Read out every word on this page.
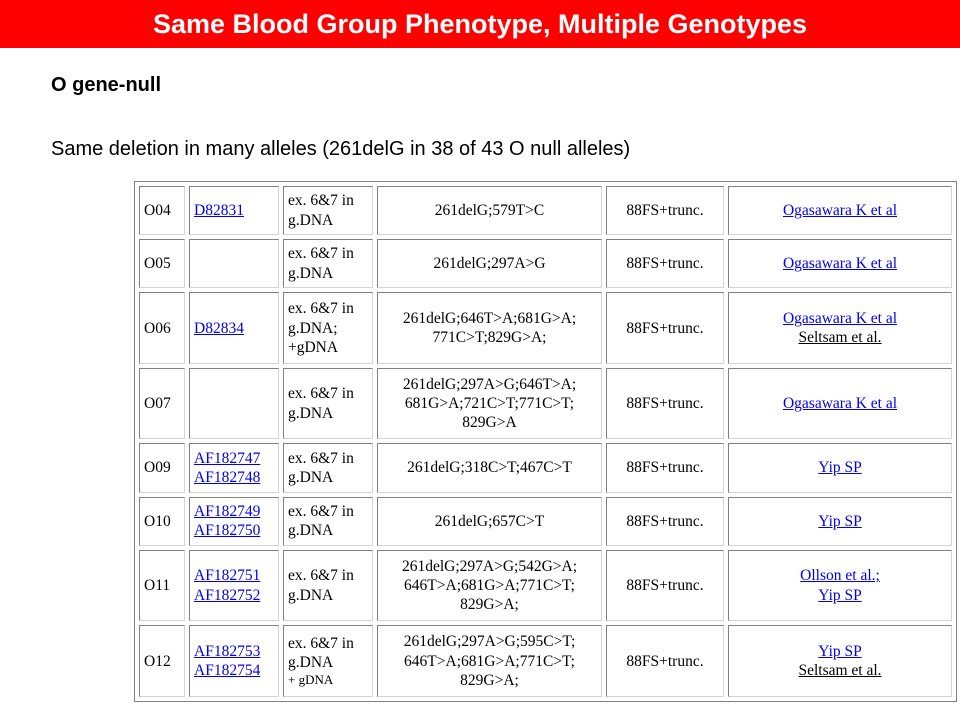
Same Blood Group Phenotype, Multiple Genotypes
O gene-null
Same deletion in many alleles (261delG in 38 of 43 O null alleles)
O04	D82831	ex. 6&7 in
g.DNA	261delG;579T>C	88FS+trunc.	Ogasawara K et al

O05		ex. 6&7 in
g.DNA	261delG;297A>G	88FS+trunc.	Ogasawara K et al

O06	D82834	ex. 6&7 in
g.DNA;
+gDNA	261delG;646T>A;681G>A;
771C>T;829G>A;	88FS+trunc.	Ogasawara K et al
Seltsam et al.

O07		ex. 6&7 in
g.DNA	261delG;297A>G;646T>A;
681G>A;721C>T;771C>T;
829G>A	88FS+trunc.	Ogasawara K et al

O09	AF182747
AF182748	ex. 6&7 in
g.DNA	261delG;318C>T;467C>T	88FS+trunc.	Yip SP

O10	AF182749
AF182750	ex. 6&7 in
g.DNA	261delG;657C>T	88FS+trunc.	Yip SP

O11	AF182751
AF182752	ex. 6&7 in
g.DNA	261delG;297A>G;542G>A;
646T>A;681G>A;771C>T;
829G>A;	88FS+trunc.	Ollson et al.;
Yip SP

O12	AF182753
AF182754	ex. 6&7 in
g.DNA
+ gDNA	261delG;297A>G;595C>T;
646T>A;681G>A;771C>T;
829G>A;	88FS+trunc.	Yip SP
Seltsam et al.
